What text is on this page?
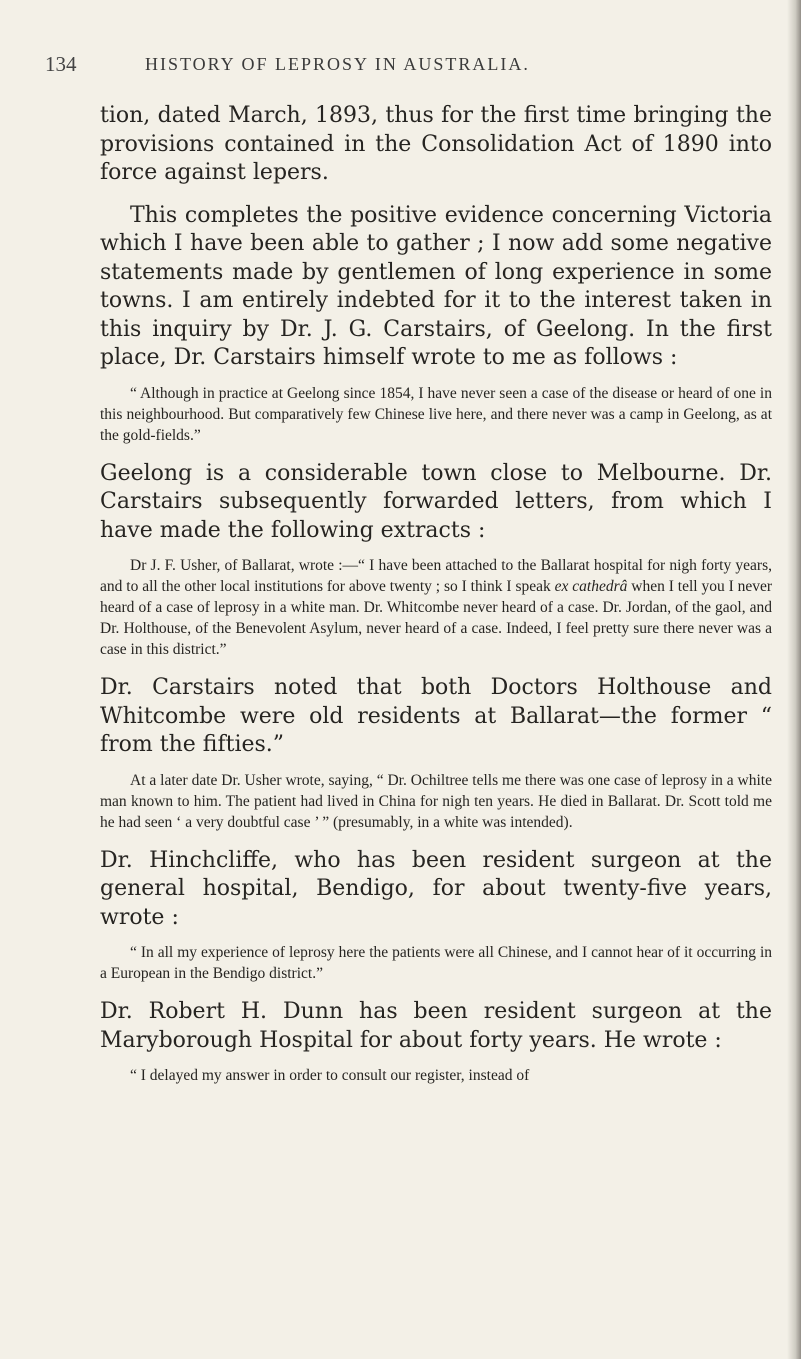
134	HISTORY OF LEPROSY IN AUSTRALIA.

tion, dated March, 1893, thus for the first time bringing the provisions contained in the Consolidation Act of 1890 into force against lepers.

This completes the positive evidence concerning Victoria which I have been able to gather ; I now add some negative statements made by gentlemen of long experience in some towns. I am entirely indebted for it to the interest taken in this inquiry by Dr. J. G. Carstairs, of Geelong. In the first place, Dr. Carstairs himself wrote to me as follows :

“ Although in practice at Geelong since 1854, I have never seen a case of the disease or heard of one in this neighbourhood. But comparatively few Chinese live here, and there never was a camp in Geelong, as at the gold-fields.”

Geelong is a considerable town close to Melbourne. Dr. Carstairs subsequently forwarded letters, from which I have made the following extracts :

Dr J. F. Usher, of Ballarat, wrote :—“ I have been attached to the Ballarat hospital for nigh forty years, and to all the other local institutions for above twenty ; so I think I speak ex cathedrâ when I tell you I never heard of a case of leprosy in a white man. Dr. Whitcombe never heard of a case. Dr. Jordan, of the gaol, and Dr. Holthouse, of the Benevolent Asylum, never heard of a case. Indeed, I feel pretty sure there never was a case in this district.”

Dr. Carstairs noted that both Doctors Holthouse and Whitcombe were old residents at Ballarat—the former “ from the fifties.”

At a later date Dr. Usher wrote, saying, “ Dr. Ochiltree tells me there was one case of leprosy in a white man known to him. The patient had lived in China for nigh ten years. He died in Ballarat. Dr. Scott told me he had seen ‘ a very doubtful case ’ ” (presumably, in a white was intended).

Dr. Hinchcliffe, who has been resident surgeon at the general hospital, Bendigo, for about twenty-five years, wrote :

“ In all my experience of leprosy here the patients were all Chinese, and I cannot hear of it occurring in a European in the Bendigo district.”

Dr. Robert H. Dunn has been resident surgeon at the Maryborough Hospital for about forty years. He wrote :

“ I delayed my answer in order to consult our register, instead of
